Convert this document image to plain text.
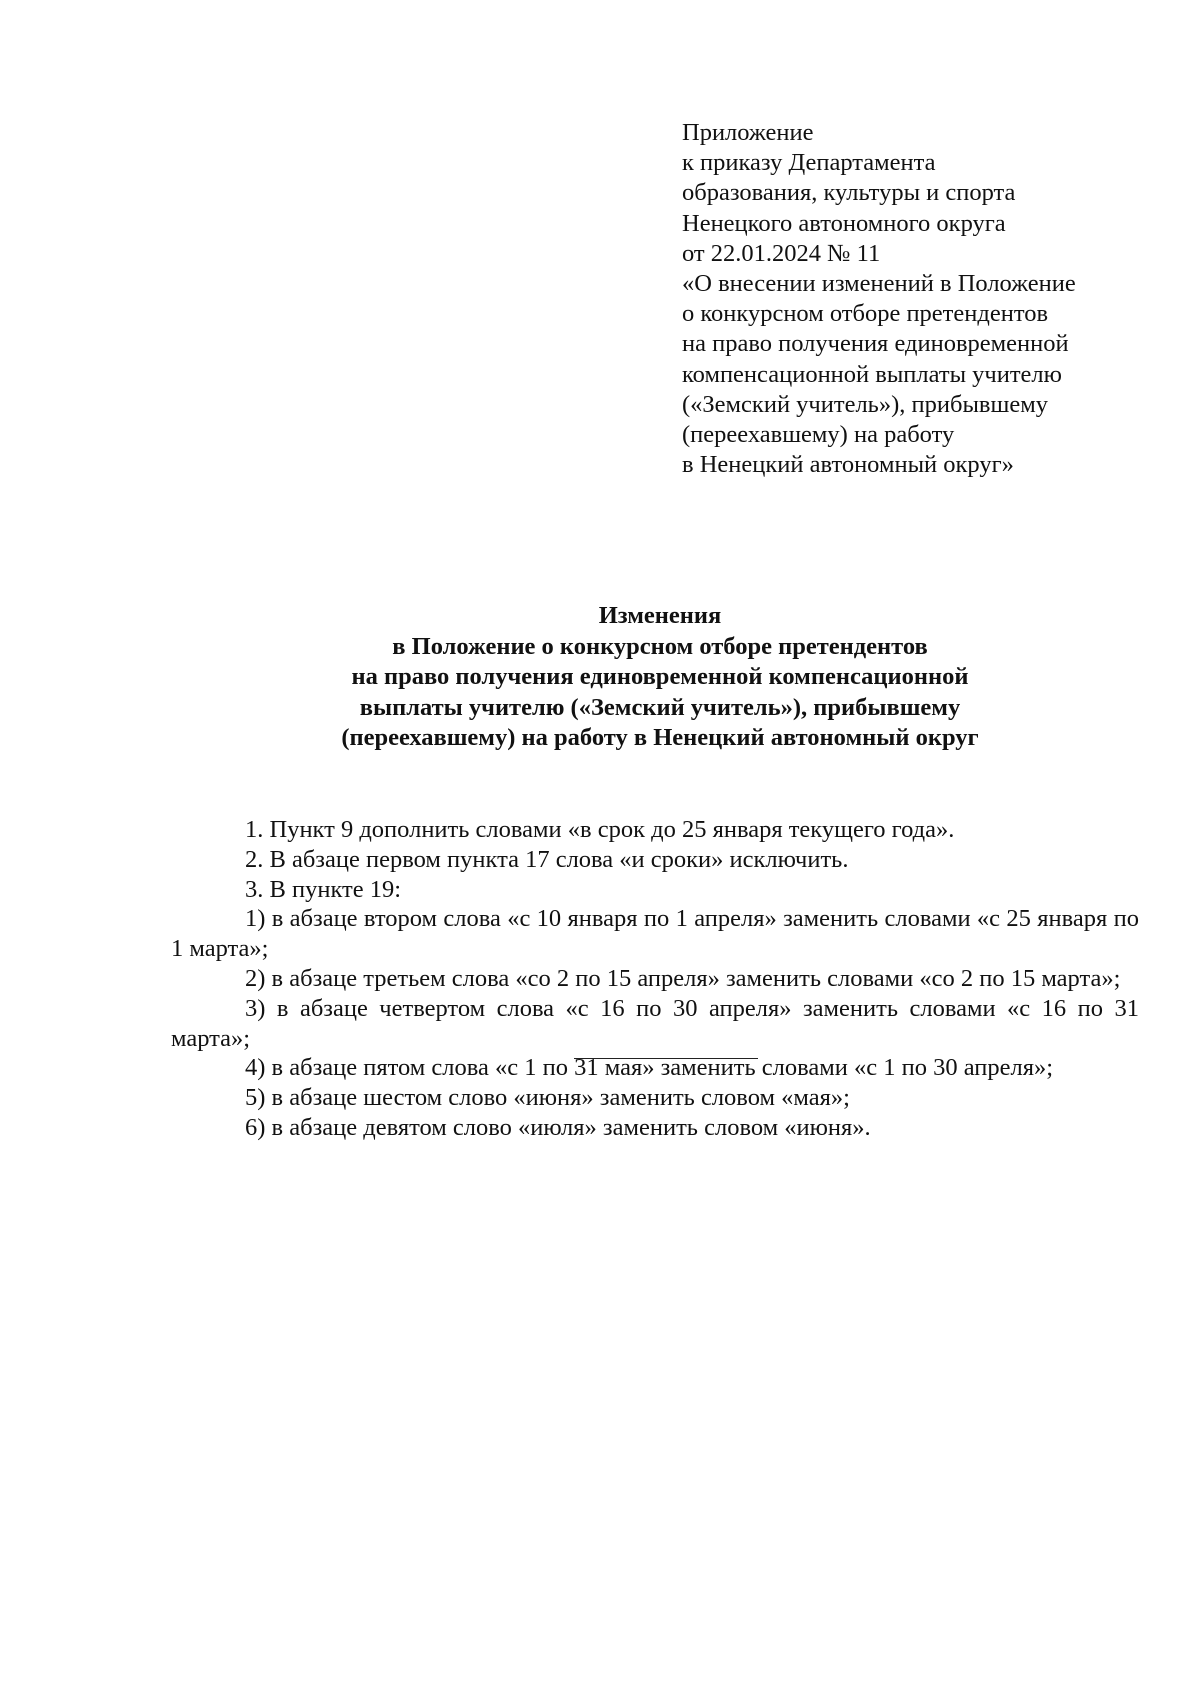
Приложение
к приказу Департамента
образования, культуры и спорта
Ненецкого автономного округа
от 22.01.2024 № 11
«О внесении изменений в Положение
о конкурсном отборе претендентов
на право получения единовременной
компенсационной выплаты учителю
(«Земский учитель»), прибывшему
(переехавшему) на работу
в Ненецкий автономный округ»
Изменения
в Положение о конкурсном отборе претендентов
на право получения единовременной компенсационной
выплаты учителю («Земский учитель»), прибывшему
(переехавшему) на работу в Ненецкий автономный округ

1. Пункт 9 дополнить словами «в срок до 25 января текущего года».

2. В абзаце первом пункта 17 слова «и сроки» исключить.

3. В пункте 19:

1) в абзаце втором слова «с 10 января по 1 апреля» заменить словами «с 25 января по 1 марта»;

2) в абзаце третьем слова «со 2 по 15 апреля» заменить словами «со 2 по 15 марта»;

3) в абзаце четвертом слова «с 16 по 30 апреля» заменить словами «с 16 по 31 марта»;

4) в абзаце пятом слова «с 1 по 31 мая» заменить словами «с 1 по 30 апреля»;

5) в абзаце шестом слово «июня» заменить словом «мая»;

6) в абзаце девятом слово «июля» заменить словом «июня».
